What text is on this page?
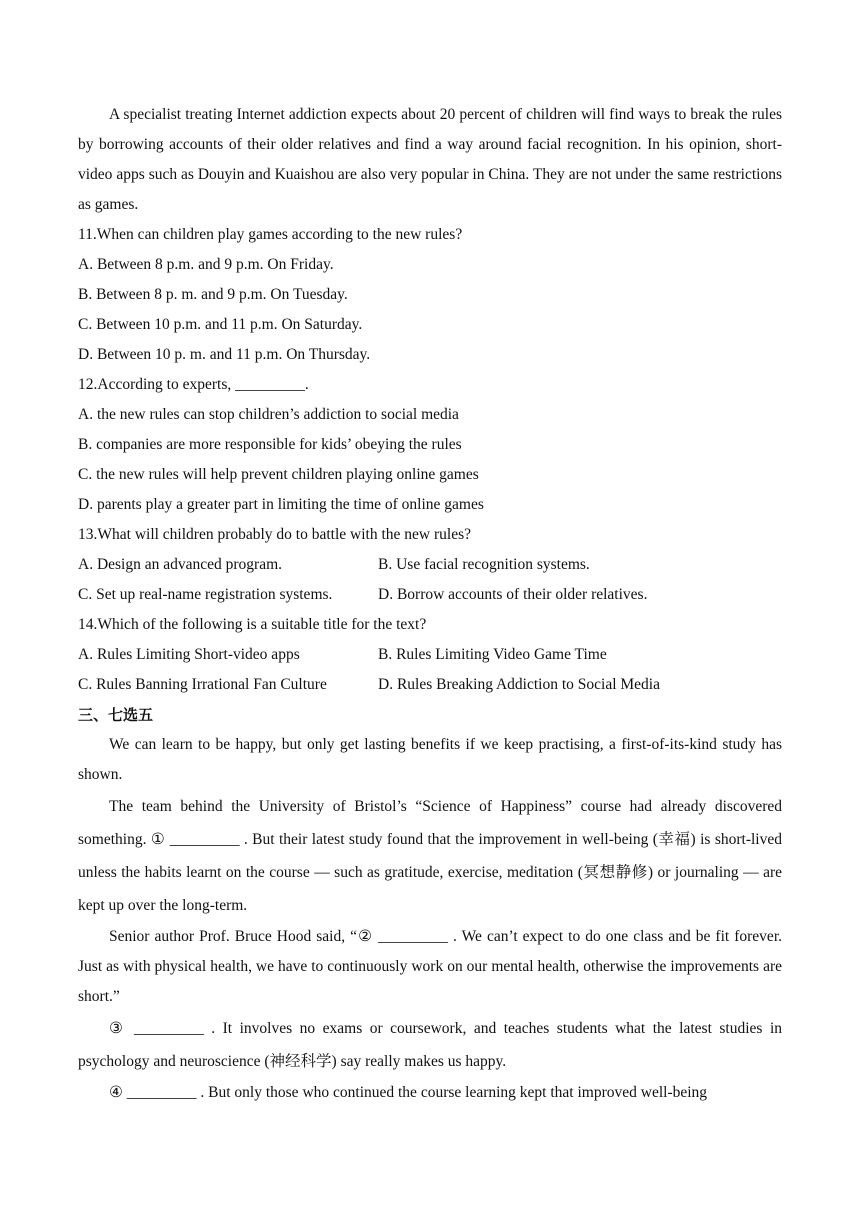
A specialist treating Internet addiction expects about 20 percent of children will find ways to break the rules by borrowing accounts of their older relatives and find a way around facial recognition. In his opinion, short-video apps such as Douyin and Kuaishou are also very popular in China. They are not under the same restrictions as games.

11.When can children play games according to the new rules?

A. Between 8 p.m. and 9 p.m. On Friday.

B. Between 8 p. m. and 9 p.m. On Tuesday.

C. Between 10 p.m. and 11 p.m. On Saturday.

D. Between 10 p. m. and 11 p.m. On Thursday.

12.According to experts, _________.

A. the new rules can stop children’s addiction to social media

B. companies are more responsible for kids’ obeying the rules

C. the new rules will help prevent children playing online games

D. parents play a greater part in limiting the time of online games

13.What will children probably do to battle with the new rules?

A. Design an advanced program.	B. Use facial recognition systems.
C. Set up real-name registration systems.	D. Borrow accounts of their older relatives.

14.Which of the following is a suitable title for the text?

A. Rules Limiting Short-video apps	B. Rules Limiting Video Game Time
C. Rules Banning Irrational Fan Culture	D. Rules Breaking Addiction to Social Media

三、七选五

We can learn to be happy, but only get lasting benefits if we keep practising, a first-of-its-kind study has shown.

The team behind the University of Bristol’s “Science of Happiness” course had already discovered something. ① _________ . But their latest study found that the improvement in well-being (幸福) is short-lived unless the habits learnt on the course — such as gratitude, exercise, meditation (冥想静修) or journaling — are kept up over the long-term.

Senior author Prof. Bruce Hood said, “② _________ . We can’t expect to do one class and be fit forever. Just as with physical health, we have to continuously work on our mental health, otherwise the improvements are short.”

③ _________ . It involves no exams or coursework, and teaches students what the latest studies in psychology and neuroscience (神经科学) say really makes us happy.

④ _________ . But only those who continued the course learning kept that improved well-being
